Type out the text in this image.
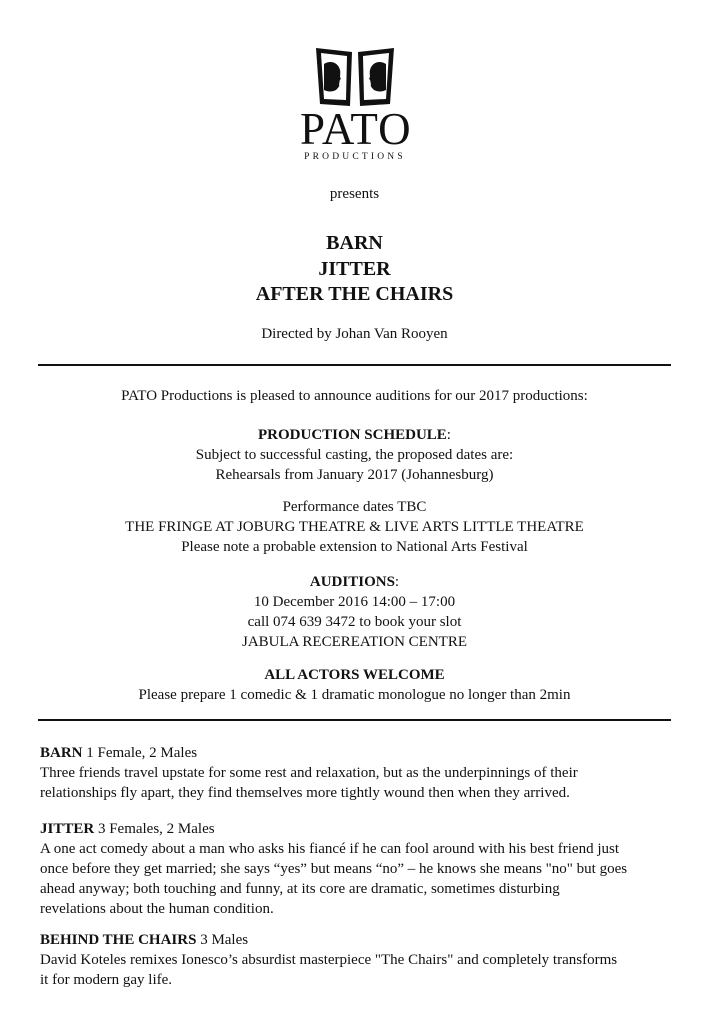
PATO
PRODUCTIONS
presents
BARN
JITTER
AFTER THE CHAIRS
Directed by Johan Van Rooyen
PATO Productions is pleased to announce auditions for our 2017 productions:
PRODUCTION SCHEDULE:
Subject to successful casting, the proposed dates are:
Rehearsals from January 2017 (Johannesburg)
Performance dates TBC
THE FRINGE AT JOBURG THEATRE & LIVE ARTS LITTLE THEATRE
Please note a probable extension to National Arts Festival
AUDITIONS:
10 December 2016 14:00 – 17:00
call 074 639 3472 to book your slot
JABULA RECEREATION CENTRE
ALL ACTORS WELCOME
Please prepare 1 comedic & 1 dramatic monologue no longer than 2min
BARN 1 Female, 2 Males
Three friends travel upstate for some rest and relaxation, but as the underpinnings of their
relationships fly apart, they find themselves more tightly wound then when they arrived.
JITTER 3 Females, 2 Males
A one act comedy about a man who asks his fiancé if he can fool around with his best friend just
once before they get married; she says “yes” but means “no” – he knows she means "no" but goes
ahead anyway; both touching and funny, at its core are dramatic, sometimes disturbing
revelations about the human condition.
BEHIND THE CHAIRS 3 Males
David Koteles remixes Ionesco’s absurdist masterpiece "The Chairs" and completely transforms
it for modern gay life.
